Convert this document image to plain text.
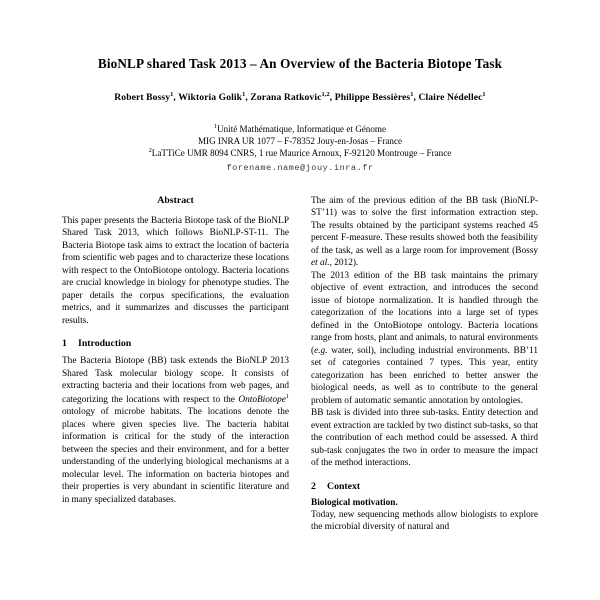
BioNLP shared Task 2013 – An Overview of the Bacteria Biotope Task
Robert Bossy$^1$, Wiktoria Golik$^1$, Zorana Ratkovic$^{1,2}$, Philippe Bessières$^1$, Claire Nédellec$^1$
$^1$Unité Mathématique, Informatique et Génome
MIG INRA UR 1077 – F-78352 Jouy-en-Josas – France
$^2$LaTTiCe UMR 8094 CNRS, 1 rue Maurice Arnoux, F-92120 Montrouge – France
forename.name@jouy.inra.fr
Abstract

This paper presents the Bacteria Biotope task of the BioNLP Shared Task 2013, which follows BioNLP-ST-11. The Bacteria Biotope task aims to extract the location of bacteria from scientific web pages and to characterize these locations with respect to the OntoBiotope ontology. Bacteria locations are crucial knowledge in biology for phenotype studies. The paper details the corpus specifications, the evaluation metrics, and it summarizes and discusses the participant results.

1	Introduction

The Bacteria Biotope (BB) task extends the BioNLP 2013 Shared Task molecular biology scope. It consists of extracting bacteria and their locations from web pages, and categorizing the locations with respect to the OntoBiotope$^1$ ontology of microbe habitats. The locations denote the places where given species live. The bacteria habitat information is critical for the study of the interaction between the species and their environment, and for a better understanding of the underlying biological mechanisms at a molecular level. The information on bacteria biotopes and their properties is very abundant in scientific literature and in many specialized databases.

The aim of the previous edition of the BB task (BioNLP-ST’11) was to solve the first information extraction step. The results obtained by the participant systems reached 45 percent F-measure. These results showed both the feasibility of the task, as well as a large room for improvement (Bossy et al., 2012).

The 2013 edition of the BB task maintains the primary objective of event extraction, and introduces the second issue of biotope normalization. It is handled through the categorization of the locations into a large set of types defined in the OntoBiotope ontology. Bacteria locations range from hosts, plant and animals, to natural environments (e.g. water, soil), including industrial environments. BB’11 set of categories contained 7 types. This year, entity categorization has been enriched to better answer the biological needs, as well as to contribute to the general problem of automatic semantic annotation by ontologies.

BB task is divided into three sub-tasks. Entity detection and event extraction are tackled by two distinct sub-tasks, so that the contribution of each method could be assessed. A third sub-task conjugates the two in order to measure the impact of the method interactions.

2	Context
Biological motivation.

Today, new sequencing methods allow biologists to explore the microbial diversity of natural and
